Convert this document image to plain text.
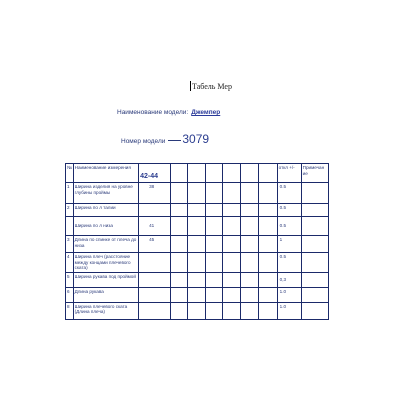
Табель Мер
Наименование модели: Джемпер
Номер модели 3079
№	Наименование измерения	42-44							откл +/-	Примечан ие
1	Ширина изделия на уровне глубины проймы	38							0.5	
2	Ширина по л талии								0.5	
	Ширина по л низа	41							0.5	
3	Длина по спинке от плеча до низа	45							1	
4	Ширина плеч (расстояние между концами плечевого ската)								0.5	
5	Ширина рукава под проймой								0,3	
6	Длина рукава								1.0	
8	Ширина плечевого ската (Длина плеча)								1.0	
